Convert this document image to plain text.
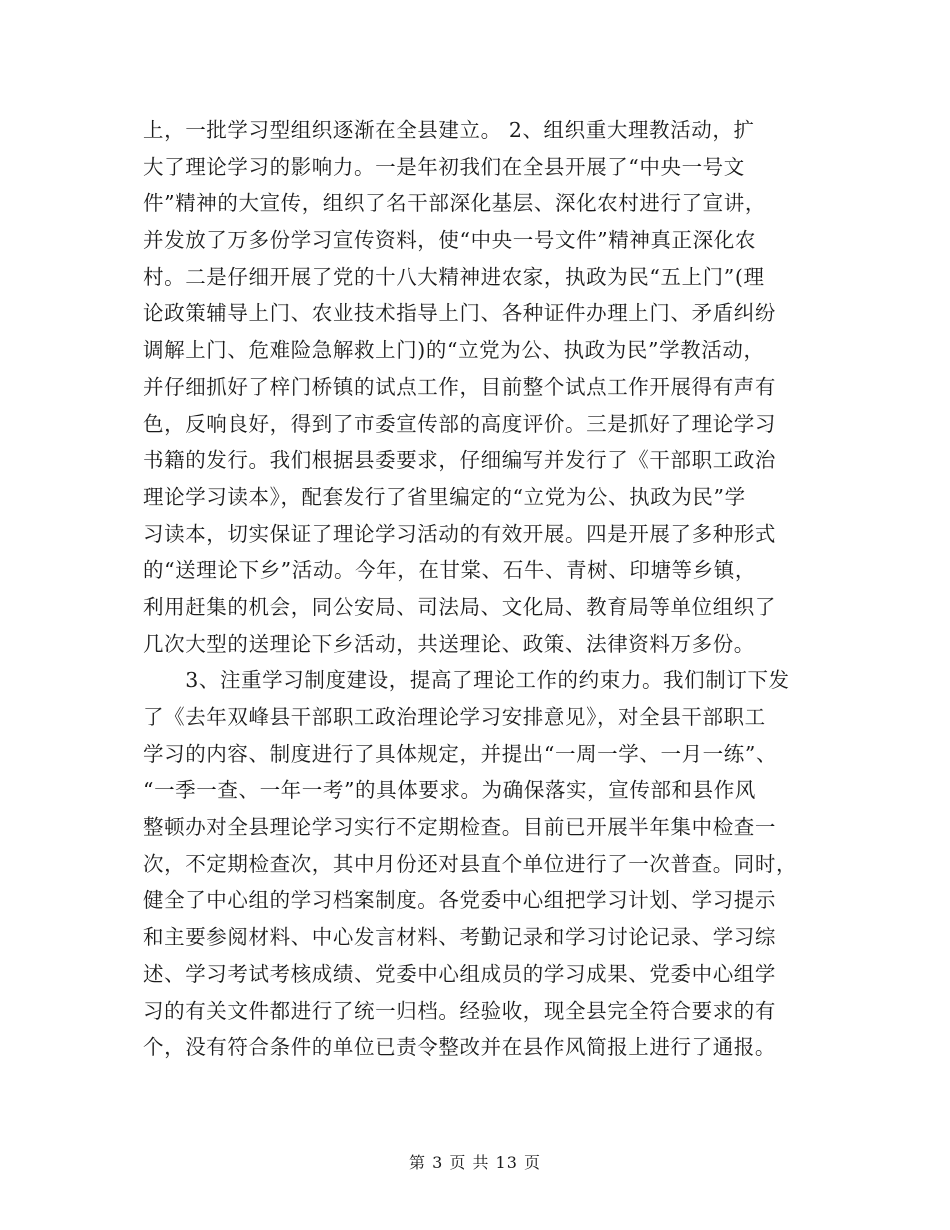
上，一批学习型组织逐渐在全县建立。 2、组织重大理教活动，扩
大了理论学习的影响力。一是年初我们在全县开展了“中央一号文
件”精神的大宣传，组织了名干部深化基层、深化农村进行了宣讲，
并发放了万多份学习宣传资料，使“中央一号文件”精神真正深化农
村。二是仔细开展了党的十八大精神进农家，执政为民“五上门”(理
论政策辅导上门、农业技术指导上门、各种证件办理上门、矛盾纠纷
调解上门、危难险急解救上门)的“立党为公、执政为民”学教活动，
并仔细抓好了梓门桥镇的试点工作，目前整个试点工作开展得有声有
色，反响良好，得到了市委宣传部的高度评价。三是抓好了理论学习
书籍的发行。我们根据县委要求，仔细编写并发行了《干部职工政治
理论学习读本》，配套发行了省里编定的“立党为公、执政为民”学
习读本，切实保证了理论学习活动的有效开展。四是开展了多种形式
的“送理论下乡”活动。今年，在甘棠、石牛、青树、印塘等乡镇，
利用赶集的机会，同公安局、司法局、文化局、教育局等单位组织了
几次大型的送理论下乡活动，共送理论、政策、法律资料万多份。
　　3、注重学习制度建设，提高了理论工作的约束力。我们制订下发
了《去年双峰县干部职工政治理论学习安排意见》，对全县干部职工
学习的内容、制度进行了具体规定，并提出“一周一学、一月一练”、
“一季一查、一年一考”的具体要求。为确保落实，宣传部和县作风
整顿办对全县理论学习实行不定期检查。目前已开展半年集中检查一
次，不定期检查次，其中月份还对县直个单位进行了一次普查。同时，
健全了中心组的学习档案制度。各党委中心组把学习计划、学习提示
和主要参阅材料、中心发言材料、考勤记录和学习讨论记录、学习综
述、学习考试考核成绩、党委中心组成员的学习成果、党委中心组学
习的有关文件都进行了统一归档。经验收，现全县完全符合要求的有
个，没有符合条件的单位已责令整改并在县作风简报上进行了通报。
第 3 页 共 13 页
